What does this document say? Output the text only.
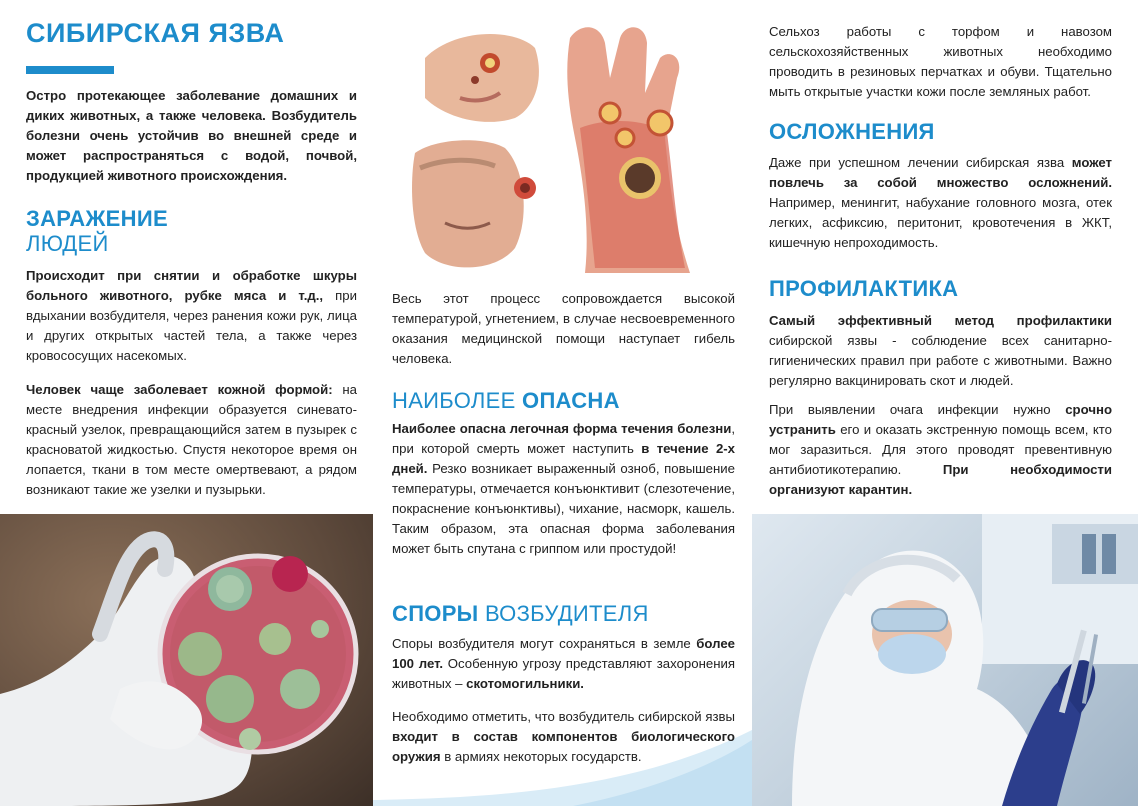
СИБИРСКАЯ ЯЗВА

Остро протекающее заболевание домашних и диких животных, а также человека. Возбудитель болезни очень устойчив во внешней среде и может распространяться с водой, почвой, продукцией животного происхождения.

ЗАРАЖЕНИЕ
ЛЮДЕЙ

Происходит при снятии и обработке шкуры больного животного, рубке мяса и т.д., при вдыхании возбудителя, через ранения кожи рук, лица и других открытых частей тела, а также через кровососущих насекомых.

Человек чаще заболевает кожной формой: на месте внедрения инфекции образуется синевато-красный узелок, превращающийся затем в пузырек с красноватой жидкостью. Спустя некоторое время он лопается, ткани в том месте омертвевают, а рядом возникают такие же узелки и пузырьки.

Весь этот процесс сопровождается высокой температурой, угнетением, в случае несвоевременного оказания медицинской помощи наступает гибель человека.

НАИБОЛЕЕ ОПАСНА

Наиболее опасна легочная форма течения болезни, при которой смерть может наступить в течение 2-х дней. Резко возникает выраженный озноб, повышение температуры, отмечается конъюнктивит (слезотечение, покраснение конъюнктивы), чихание, насморк, кашель. Таким образом, эта опасная форма заболевания может быть спутана с гриппом или простудой!

СПОРЫ ВОЗБУДИТЕЛЯ

Споры возбудителя могут сохраняться в земле более 100 лет. Особенную угрозу представляют захоронения животных – скотомогильники.

Необходимо отметить, что возбудитель сибирской язвы входит в состав компонентов биологического оружия в армиях некоторых государств.

Сельхоз работы с торфом и навозом сельскохозяйственных животных необходимо проводить в резиновых перчатках и обуви. Тщательно мыть открытые участки кожи после земляных работ.

ОСЛОЖНЕНИЯ

Даже при успешном лечении сибирская язва может повлечь за собой множество осложнений. Например, менингит, набухание головного мозга, отек легких, асфиксию, перитонит, кровотечения в ЖКТ, кишечную непроходимость.

ПРОФИЛАКТИКА

Самый эффективный метод профилактики сибирской язвы - соблюдение всех санитарно-гигиенических правил при работе с животными. Важно регулярно вакцинировать скот и людей.

При выявлении очага инфекции нужно срочно устранить его и оказать экстренную помощь всем, кто мог заразиться. Для этого проводят превентивную антибиотикотерапию. При необходимости организуют карантин.
